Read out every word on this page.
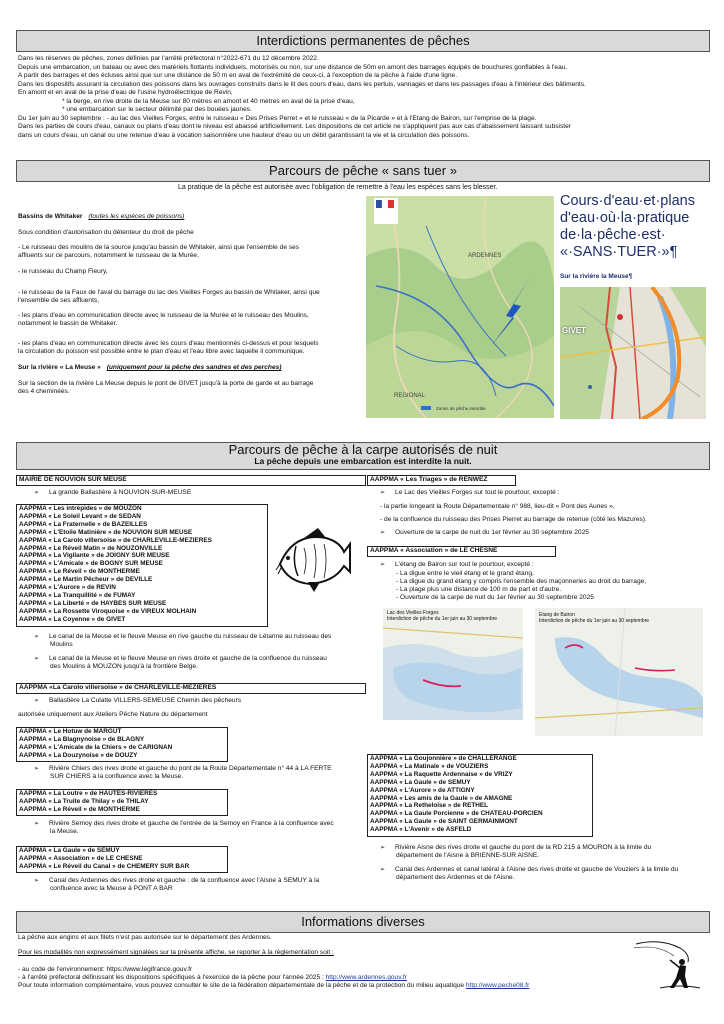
Interdictions permanentes de pêches
Dans les réserves de pêches, zones définies par l'arrêté préfectoral n°2022-671 du 12 décembre 2022.
Depuis une embarcation, un bateau ou avec des matériels flottants individuels, motorisés ou non, sur une distance de 50m en amont des barrages équipés de bouchures gonflables à l'eau.
A partir des barrages et des écluses ainsi que sur une distance de 50 m en aval de l'extrémité de ceux-ci, à l'exception de la pêche à l'aide d'une ligne.
Dans les dispositifs assurant la circulation des poissons dans les ouvrages construits dans le lit des cours d'eau, dans les pertuis, vannages et dans les passages d'eau à l'intérieur des bâtiments.
En amont et en aval de la prise d'eau de l'usine hydroélectrique de Revin,
* la berge, en rive droite de la Meuse sur 80 mètres en amont et 40 mètres en aval de la prise d'eau,
* une embarcation sur le secteur délimité par des bouées jaunes.
Du 1er juin au 30 septembre : - au lac des Vieilles Forges, entre le ruisseau « Des Prises Perret » et le ruisseau « de la Picarde » et à l'Etang de Bairon, sur l'emprise de la plage.
Dans les parties de cours d'eau, canaux ou plans d'eau dont le niveau est abaissé artificiellement. Les dispositions de cet article ne s'appliquent pas aux cas d'abaissement laissant subsister
dans un cours d'eau, un canal ou une retenue d'eau à vocation saisonnière une hauteur d'eau ou un débit garantissant la vie et la circulation des poissons.
Parcours de pêche « sans tuer »
La pratique de la pêche est autorisée avec l'obligation de remettre à l'eau les espèces sans les blesser.
Bassins de Whitaker (toutes les espèces de poissons)
Sous condition d'autorisation du détenteur du droit de pêche
- Le ruisseau des moulins de la source jusqu'au bassin de Whitaker, ainsi que l'ensemble de ses
affluents sur ce parcours, notamment le ruisseau de la Murée,
- le ruisseau du Champ Fleury,
- le ruisseau de la Faux de l'aval du barrage du lac des Vieilles Forges au bassin de Whitaker, ainsi que
l'ensemble de ses affluents,
- les plans d'eau en communication directe avec le ruisseau de la Murée et le ruisseau des Moulins,
notamment le bassin de Whitaker.
- les plans d'eau en communication directe avec les cours d'eau mentionnés ci-dessus et pour lesquels
la circulation du poisson est possible entre le plan d'eau et l'eau libre avec laquelle il communique.
Sur la rivière « La Meuse » (uniquement pour la pêche des sandres et des perches)
Sur la section de la rivière La Meuse depuis le pont de GIVET jusqu'à la porte de garde et au barrage
des 4 cheminées.
ARDENNES
REGIONAL
Zones de pêche interdite
Cours·d'eau·et·plans
d'eau·où·la·pratique
de·la·pêche·est·
«·SANS·TUER·»¶
Sur la rivière la Meuse¶
GIVET
Parcours de pêche à la carpe autorisés de nuit
La pêche depuis une embarcation est interdite la nuit.
MAIRIE DE NOUVION SUR MEUSE
➢ La grande Ballastière à NOUVION-SUR-MEUSE
AAPPMA « Les intrépides » de MOUZON
AAPPMA « Le Soleil Levant » de SEDAN
AAPPMA « La Fraternelle » de BAZEILLES
AAPPMA « L'Etoile Matinière » de NOUVION SUR MEUSE
AAPPMA « La Carolo villersoise » de CHARLEVILLE-MEZIERES
AAPPMA « Le Réveil Matin » de NOUZONVILLE
AAPPMA « La Vigilante » de JOIGNY SUR MEUSE
AAPPMA « L'Amicale » de BOGNY SUR MEUSE
AAPPMA « Le Réveil » de MONTHERME
AAPPMA « Le Martin Pêcheur » de DEVILLE
AAPPMA « L'Aurore » de REVIN
AAPPMA « La Tranquillité » de FUMAY
AAPPMA « La Liberté » de HAYBES SUR MEUSE
AAPPMA « La Rossette Viroquoise » de VIREUX MOLHAIN
AAPPMA « La Coyenne » de GIVET
➢ Le canal de la Meuse et le fleuve Meuse en rive gauche du ruisseau de Létanne au ruisseau des
Moulins
➢ Le canal de la Meuse et le fleuve Meuse en rives droite et gauche de la confluence du ruisseau
des Moulins à MOUZON jusqu'à la frontière Belge.
AAPPMA «La Carolo villersoise » de CHARLEVILLE-MEZIERES
➢ Ballastière La Culatte VILLERS-SEMEUSE Chemin des pêcheurs
autorisée uniquement aux Ateliers Pêche Nature du département
AAPPMA « Le Hotuw de MARGUT
AAPPMA « La Blagnynoise » de BLAGNY
AAPPMA « L'Amicale de la Chiers » de CARIGNAN
AAPPMA « La Douzynoise » de DOUZY
➢ Rivière Chiers des rives droite et gauche du pont de la Route Départementale n° 44 à LA FERTE
SUR CHIERS à la confluence avec la Meuse.
AAPPMA « La Loutre » de HAUTES-RIVIERES
AAPPMA « La Truite de Thilay » de THILAY
AAPPMA « Le Réveil » de MONTHERME
➢ Rivière Semoy des rives droite et gauche de l'entrée de la Semoy en France à la confluence avec
la Meuse.
AAPPMA « La Gaule » de SEMUY
AAPPMA « Association » de LE CHESNE
AAPPMA « Le Réveil du Canal » de CHEMERY SUR BAR
➢ Canal des Ardennes des rives droite et gauche : de la confluence avec l'Aisne à SEMUY à la
confluence avec la Meuse à PONT A BAR
AAPPMA « Les Triages » de RENWEZ
➢ Le Lac des Vieilles Forges sur tout le pourtour, excepté :
- la partie longeant la Route Départementale n° 988, lieu-dit « Pont des Aunes »,
- de la confluence du ruisseau des Prises Pierret au barrage de retenue (côté les Mazures).
➢ Ouverture de la carpe de nuit du 1er février au 30 septembre 2025
AAPPMA « Association » de LE CHESNE
➢ L'étang de Bairon sur tout le pourtour, excepté :
- La digue entre le vieil étang et le grand étang,
- La digue du grand étang y compris l'ensemble des maçonneries au droit du barrage,
- La plage plus une distance de 100 m de part et d'autre.
- Ouverture de la carpe de nuit du 1er février au 30 septembre 2025
Lac des Vieilles Forges
Interdiction de pêche du 1er juin au 30 septembre
Etang de Bairon
Interdiction de pêche du 1er juin au 30 septembre
AAPPMA « La Goujonnière » de CHALLERANGE
AAPPMA « La Matinale » de VOUZIERS
AAPPMA « La Raquette Ardennaise » de VRIZY
AAPPMA « La Gaule » de SEMUY
AAPPMA « L'Aurore » de ATTIGNY
AAPPMA « Les amis de la Gaule » de AMAGNE
AAPPMA « La Retheloise » de RETHEL
AAPPMA « La Gaule Porcienne » de CHATEAU-PORCIEN
AAPPMA « La Gaule » de SAINT GERMAINMONT
AAPPMA « L'Avenir » de ASFELD
➢ Rivière Aisne des rives droite et gauche du pont de la RD 215 à MOURON à la limite du
département de l'Aisne à BRIENNE-SUR AISNE.
➢ Canal des Ardennes et canal latéral à l'Aisne des rives droite et gauche de Vouziers à la limite du
département des Ardennes et de l'Aisne.
Informations diverses
La pêche aux engins et aux filets n'est pas autorisée sur le département des Ardennes.
Pour les modalités non expressément signalées sur la présente affiche, se reporter à la réglementation soit :
- au code de l'environnement: https://www.legifrance.gouv.fr
- à l'arrêté préfectoral définissant les dispositions spécifiques à l'exercice de la pêche pour l'année 2025 : http://www.ardennes.gouv.fr
Pour toute information complémentaire, vous pouvez consulter le site de la fédération départementale de la pêche et de la protection du milieu aquatique http://www.peche08.fr
